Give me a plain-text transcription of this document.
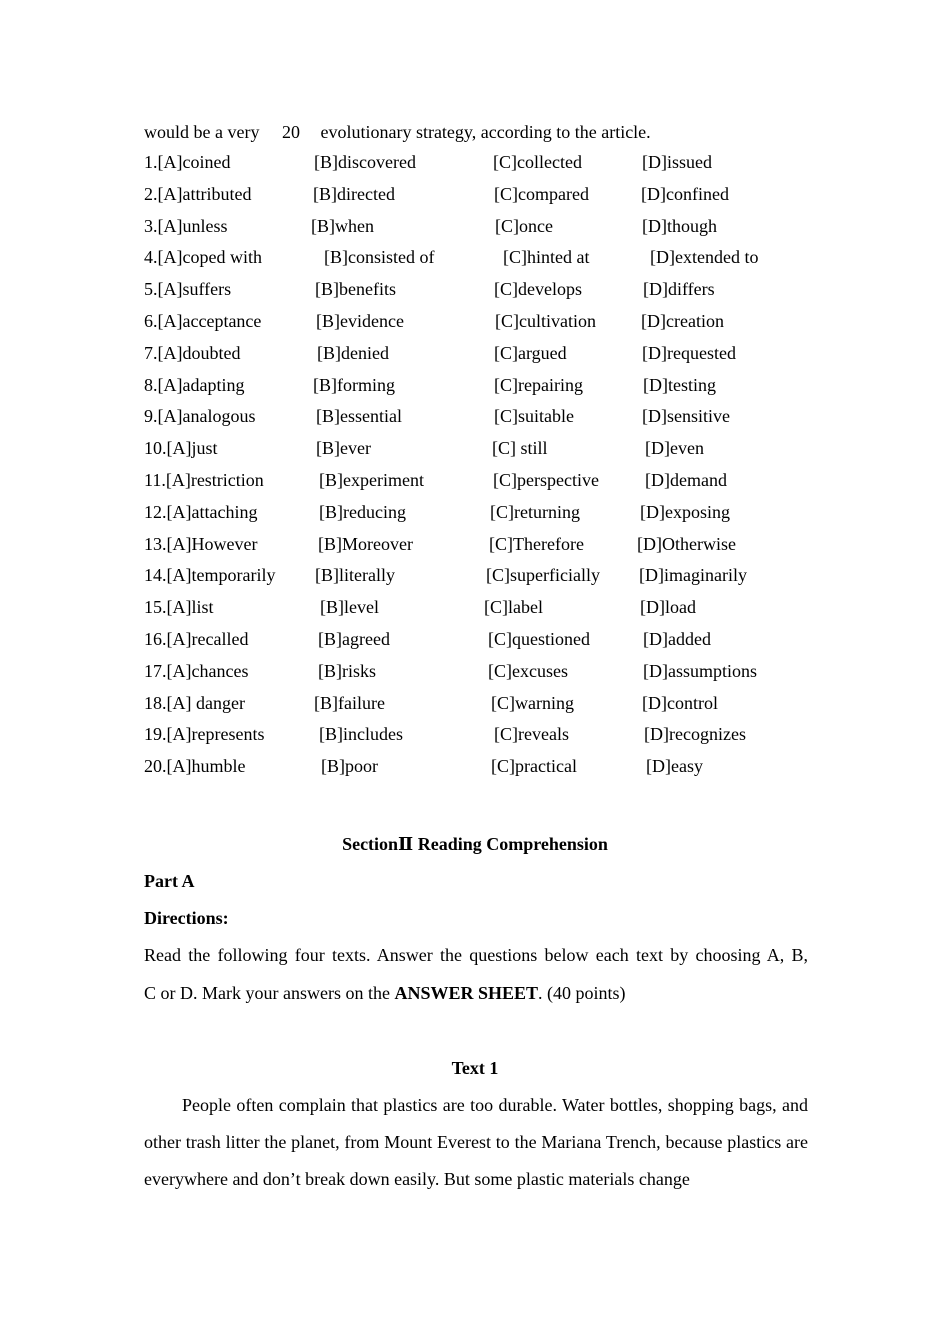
would be a very 20 evolutionary strategy, according to the article.
1.[A]coined	[B]discovered	[C]collected	[D]issued
2.[A]attributed	[B]directed	[C]compared	[D]confined
3.[A]unless	[B]when	[C]once	[D]though
4.[A]coped with	[B]consisted of	[C]hinted at	[D]extended to
5.[A]suffers	[B]benefits	[C]develops	[D]differs
6.[A]acceptance	[B]evidence	[C]cultivation	[D]creation
7.[A]doubted	[B]denied	[C]argued	[D]requested
8.[A]adapting	[B]forming	[C]repairing	[D]testing
9.[A]analogous	[B]essential	[C]suitable	[D]sensitive
10.[A]just	[B]ever	[C] still	[D]even
11.[A]restriction	[B]experiment	[C]perspective	[D]demand
12.[A]attaching	[B]reducing	[C]returning	[D]exposing
13.[A]However	[B]Moreover	[C]Therefore	[D]Otherwise
14.[A]temporarily [B]literally	[C]superficially [D]imaginarily
15.[A]list	[B]level	[C]label	[D]load
16.[A]recalled	[B]agreed	[C]questioned	[D]added
17.[A]chances	[B]risks	[C]excuses	[D]assumptions
18.[A] danger	[B]failure	[C]warning	[D]control
19.[A]represents	[B]includes	[C]reveals	[D]recognizes
20.[A]humble	[B]poor	[C]practical	[D]easy
SectionⅡ Reading Comprehension
Part A
Directions:
Read the following four texts. Answer the questions below each text by choosing A, B,
C or D. Mark your answers on the ANSWER SHEET. (40 points)
Text 1

People often complain that plastics are too durable. Water bottles, shopping bags, and other trash litter the planet, from Mount Everest to the Mariana Trench, because plastics are everywhere and don’t break down easily. But some plastic materials change
